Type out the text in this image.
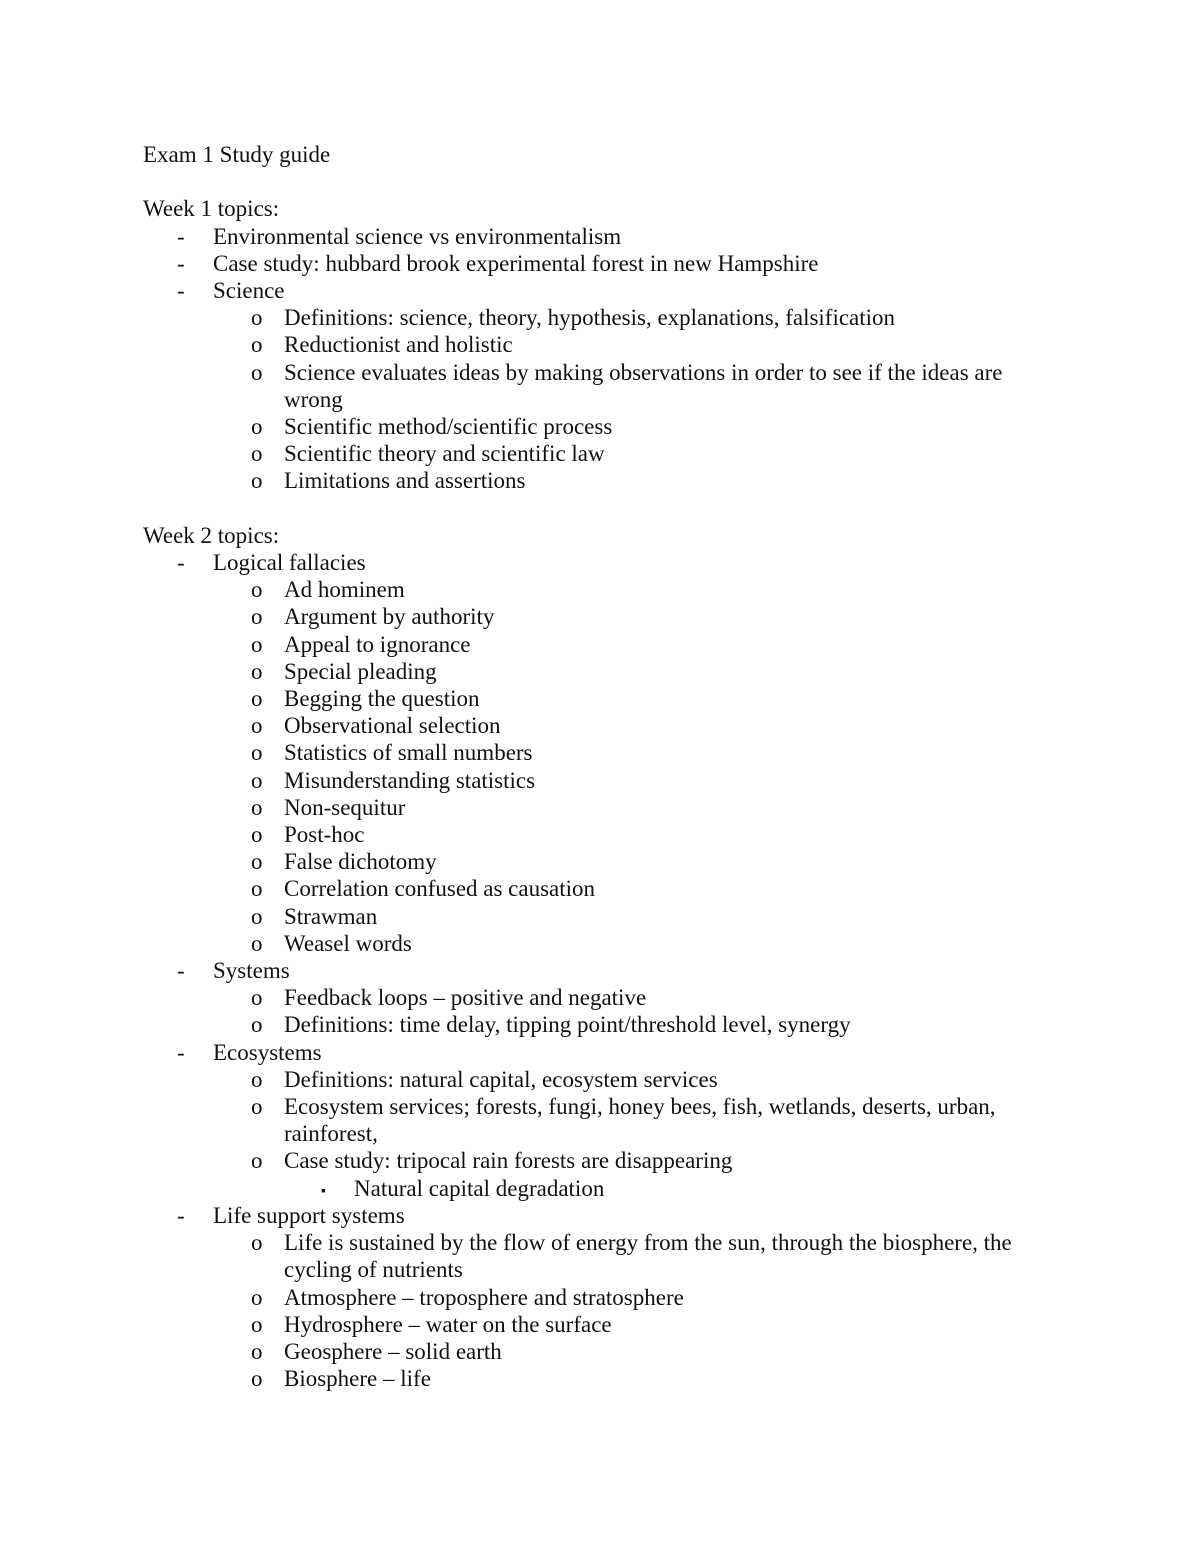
Exam 1 Study guide
Week 1 topics:
- Environmental science vs environmentalism
- Case study: hubbard brook experimental forest in new Hampshire
- Science
o Definitions: science, theory, hypothesis, explanations, falsification
o Reductionist and holistic
o Science evaluates ideas by making observations in order to see if the ideas are
wrong
o Scientific method/scientific process
o Scientific theory and scientific law
o Limitations and assertions
Week 2 topics:
- Logical fallacies
o Ad hominem
o Argument by authority
o Appeal to ignorance
o Special pleading
o Begging the question
o Observational selection
o Statistics of small numbers
o Misunderstanding statistics
o Non-sequitur
o Post-hoc
o False dichotomy
o Correlation confused as causation
o Strawman
o Weasel words
- Systems
o Feedback loops – positive and negative
o Definitions: time delay, tipping point/threshold level, synergy
- Ecosystems
o Definitions: natural capital, ecosystem services
o Ecosystem services; forests, fungi, honey bees, fish, wetlands, deserts, urban,
rainforest,
o Case study: tripocal rain forests are disappearing
▪ Natural capital degradation
- Life support systems
o Life is sustained by the flow of energy from the sun, through the biosphere, the
cycling of nutrients
o Atmosphere – troposphere and stratosphere
o Hydrosphere – water on the surface
o Geosphere – solid earth
o Biosphere – life
